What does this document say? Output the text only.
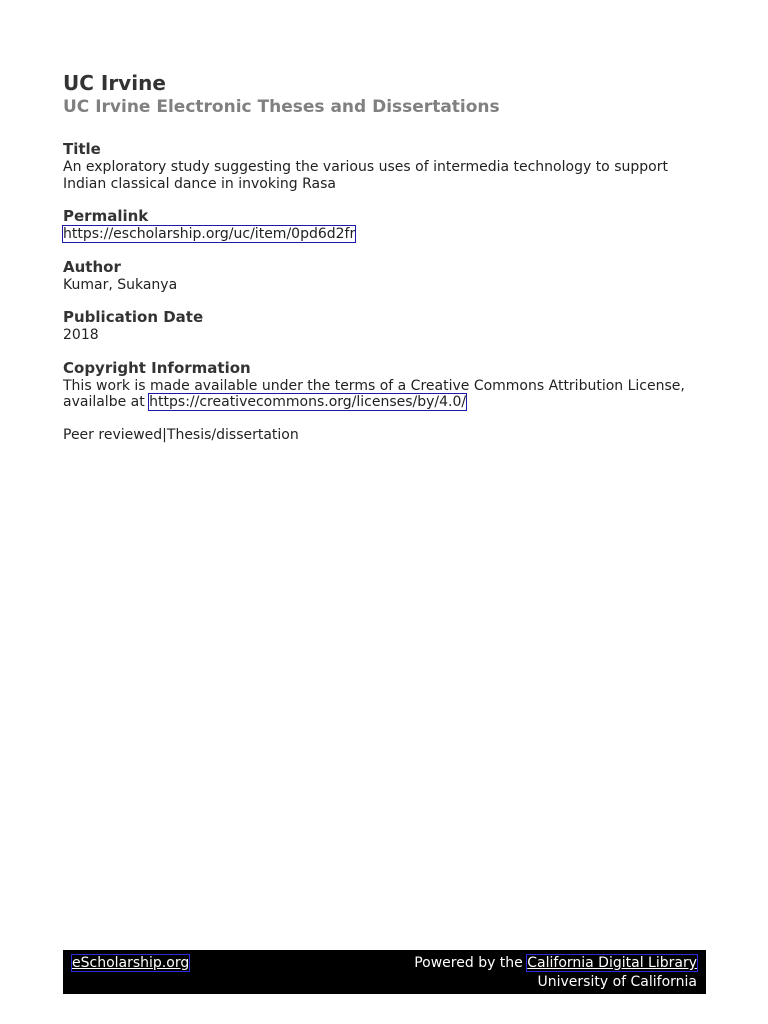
UC Irvine

UC Irvine Electronic Theses and Dissertations

Title

An exploratory study suggesting the various uses of intermedia technology to support Indian classical dance in invoking Rasa

Permalink

https://escholarship.org/uc/item/0pd6d2fr

Author

Kumar, Sukanya

Publication Date

2018

Copyright Information

This work is made available under the terms of a Creative Commons Attribution License, availalbe at https://creativecommons.org/licenses/by/4.0/

Peer reviewed|Thesis/dissertation

eScholarship.org	Powered by the California Digital Library
University of California
